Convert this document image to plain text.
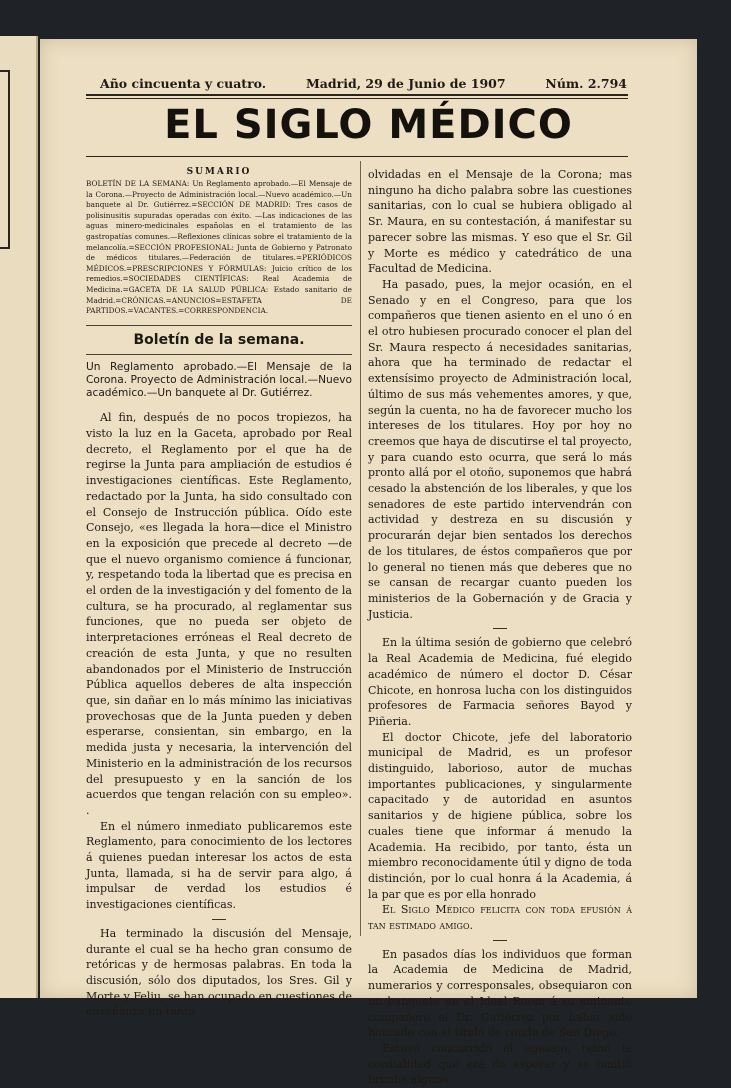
Año cincuenta y cuatro.	Madrid, 29 de Junio de 1907	Núm. 2.794
EL SIGLO MÉDICO
SUMARIO

BOLETÍN DE LA SEMANA: Un Reglamento aprobado.—El Mensaje de la Corona.—Proyecto de Administración local.—Nuevo académico.—Un banquete al Dr. Gutiérrez.=SECCIÓN DE MADRID: Tres casos de polisinusitis supuradas operadas con éxito. —Las indicaciones de las aguas minero-medicinales españolas en el tratamiento de las gastropatías comunes.—Reflexiones clínicas sobre el tratamiento de la melancolía.=SECCIÓN PROFESIONAL: Junta de Gobierno y Patronato de médicos titulares.—Federación de titulares.=PERIÓDICOS MÉDICOS.=PRESCRIPCIONES Y FÓRMULAS: Juicio crítico de los remedios.=SOCIEDADES CIENTÍFICAS: Real Academia de Medicina.=GACETA DE LA SALUD PÚBLICA: Estado sanitario de Madrid.=CRÓNICAS.=ANUNCIOS=ESTAFETA DE PARTIDOS.=VACANTES.=CORRESPONDENCIA.

Boletín de la semana.

Un Reglamento aprobado.—El Mensaje de la Corona. Proyecto de Administración local.—Nuevo académico.—Un banquete al Dr. Gutiérrez.

Al fin, después de no pocos tropiezos, ha visto la luz en la Gaceta, aprobado por Real decreto, el Reglamento por el que ha de regirse la Junta para ampliación de estudios é investigaciones científicas. Este Reglamento, redactado por la Junta, ha sido consultado con el Consejo de Instrucción pública. Oído este Consejo, «es llegada la hora—dice el Ministro en la exposición que precede al decreto —de que el nuevo organismo comience á funcionar, y, respetando toda la libertad que es precisa en el orden de la investigación y del fomento de la cultura, se ha procurado, al reglamentar sus funciones, que no pueda ser objeto de interpretaciones erróneas el Real decreto de creación de esta Junta, y que no resulten abandonados por el Ministerio de Instrucción Pública aquellos deberes de alta inspección que, sin dañar en lo más mínimo las iniciativas provechosas que de la Junta pueden y deben esperarse, consientan, sin embargo, en la medida justa y necesaria, la intervención del Ministerio en la administración de los recursos del presupuesto y en la sanción de los acuerdos que tengan relación con su empleo». .

En el número inmediato publicaremos este Reglamento, para conocimiento de los lectores á quienes puedan interesar los actos de esta Junta, llamada, si ha de servir para algo, á impulsar de verdad los estudios é investigaciones científicas.

Ha terminado la discusión del Mensaje, durante el cual se ha hecho gran consumo de retóricas y de hermosas palabras. En toda la discusión, sólo dos diputados, los Sres. Gil y Morte y Feliu, se han ocupado en cuestiones de enseñanza un tanto

olvidadas en el Mensaje de la Corona; mas ninguno ha dicho palabra sobre las cuestiones sanitarias, con lo cual se hubiera obligado al Sr. Maura, en su contestación, á manifestar su parecer sobre las mismas. Y eso que el Sr. Gil y Morte es médico y catedrático de una Facultad de Medicina.

Ha pasado, pues, la mejor ocasión, en el Senado y en el Congreso, para que los compañeros que tienen asiento en el uno ó en el otro hubiesen procurado conocer el plan del Sr. Maura respecto á necesidades sanitarias, ahora que ha terminado de redactar el extensísimo proyecto de Administración local, último de sus más vehementes amores, y que, según la cuenta, no ha de favorecer mucho los intereses de los titulares. Hoy por hoy no creemos que haya de discutirse el tal proyecto, y para cuando esto ocurra, que será lo más pronto allá por el otoño, suponemos que habrá cesado la abstención de los liberales, y que los senadores de este partido intervendrán con actividad y destreza en su discusión y procurarán dejar bien sentados los derechos de los titulares, de éstos compañeros que por lo general no tienen más que deberes que no se cansan de recargar cuanto pueden los ministerios de la Gobernación y de Gracia y Justicia.

En la última sesión de gobierno que celebró la Real Academia de Medicina, fué elegido académico de número el doctor D. César Chicote, en honrosa lucha con los distinguidos profesores de Farmacia señores Bayod y Piñeria.

El doctor Chicote, jefe del laboratorio municipal de Madrid, es un profesor distinguido, laborioso, autor de muchas importantes publicaciones, y singularmente capacitado y de autoridad en asuntos sanitarios y de higiene pública, sobre los cuales tiene que informar á menudo la Academia. Ha recibido, por tanto, ésta un miembro reconocidamente útil y digno de toda distinción, por lo cual honra á la Academia, á la par que es por ella honrado

El Siglo Médico felicita con toda efusión á tan estimado amigo.

En pasados días los individuos que forman la Academia de Medicina de Madrid, numerarios y corresponsales, obsequiaron con un banquete en el Ideal Room á su eminente compañero el Dr. Gutiérrez por haber sido honrado con el título de conde de San Diego.

Estuvo concurrido el agasajo, reinó la cordialidad que era de esperar y se omitió brindis alguno
